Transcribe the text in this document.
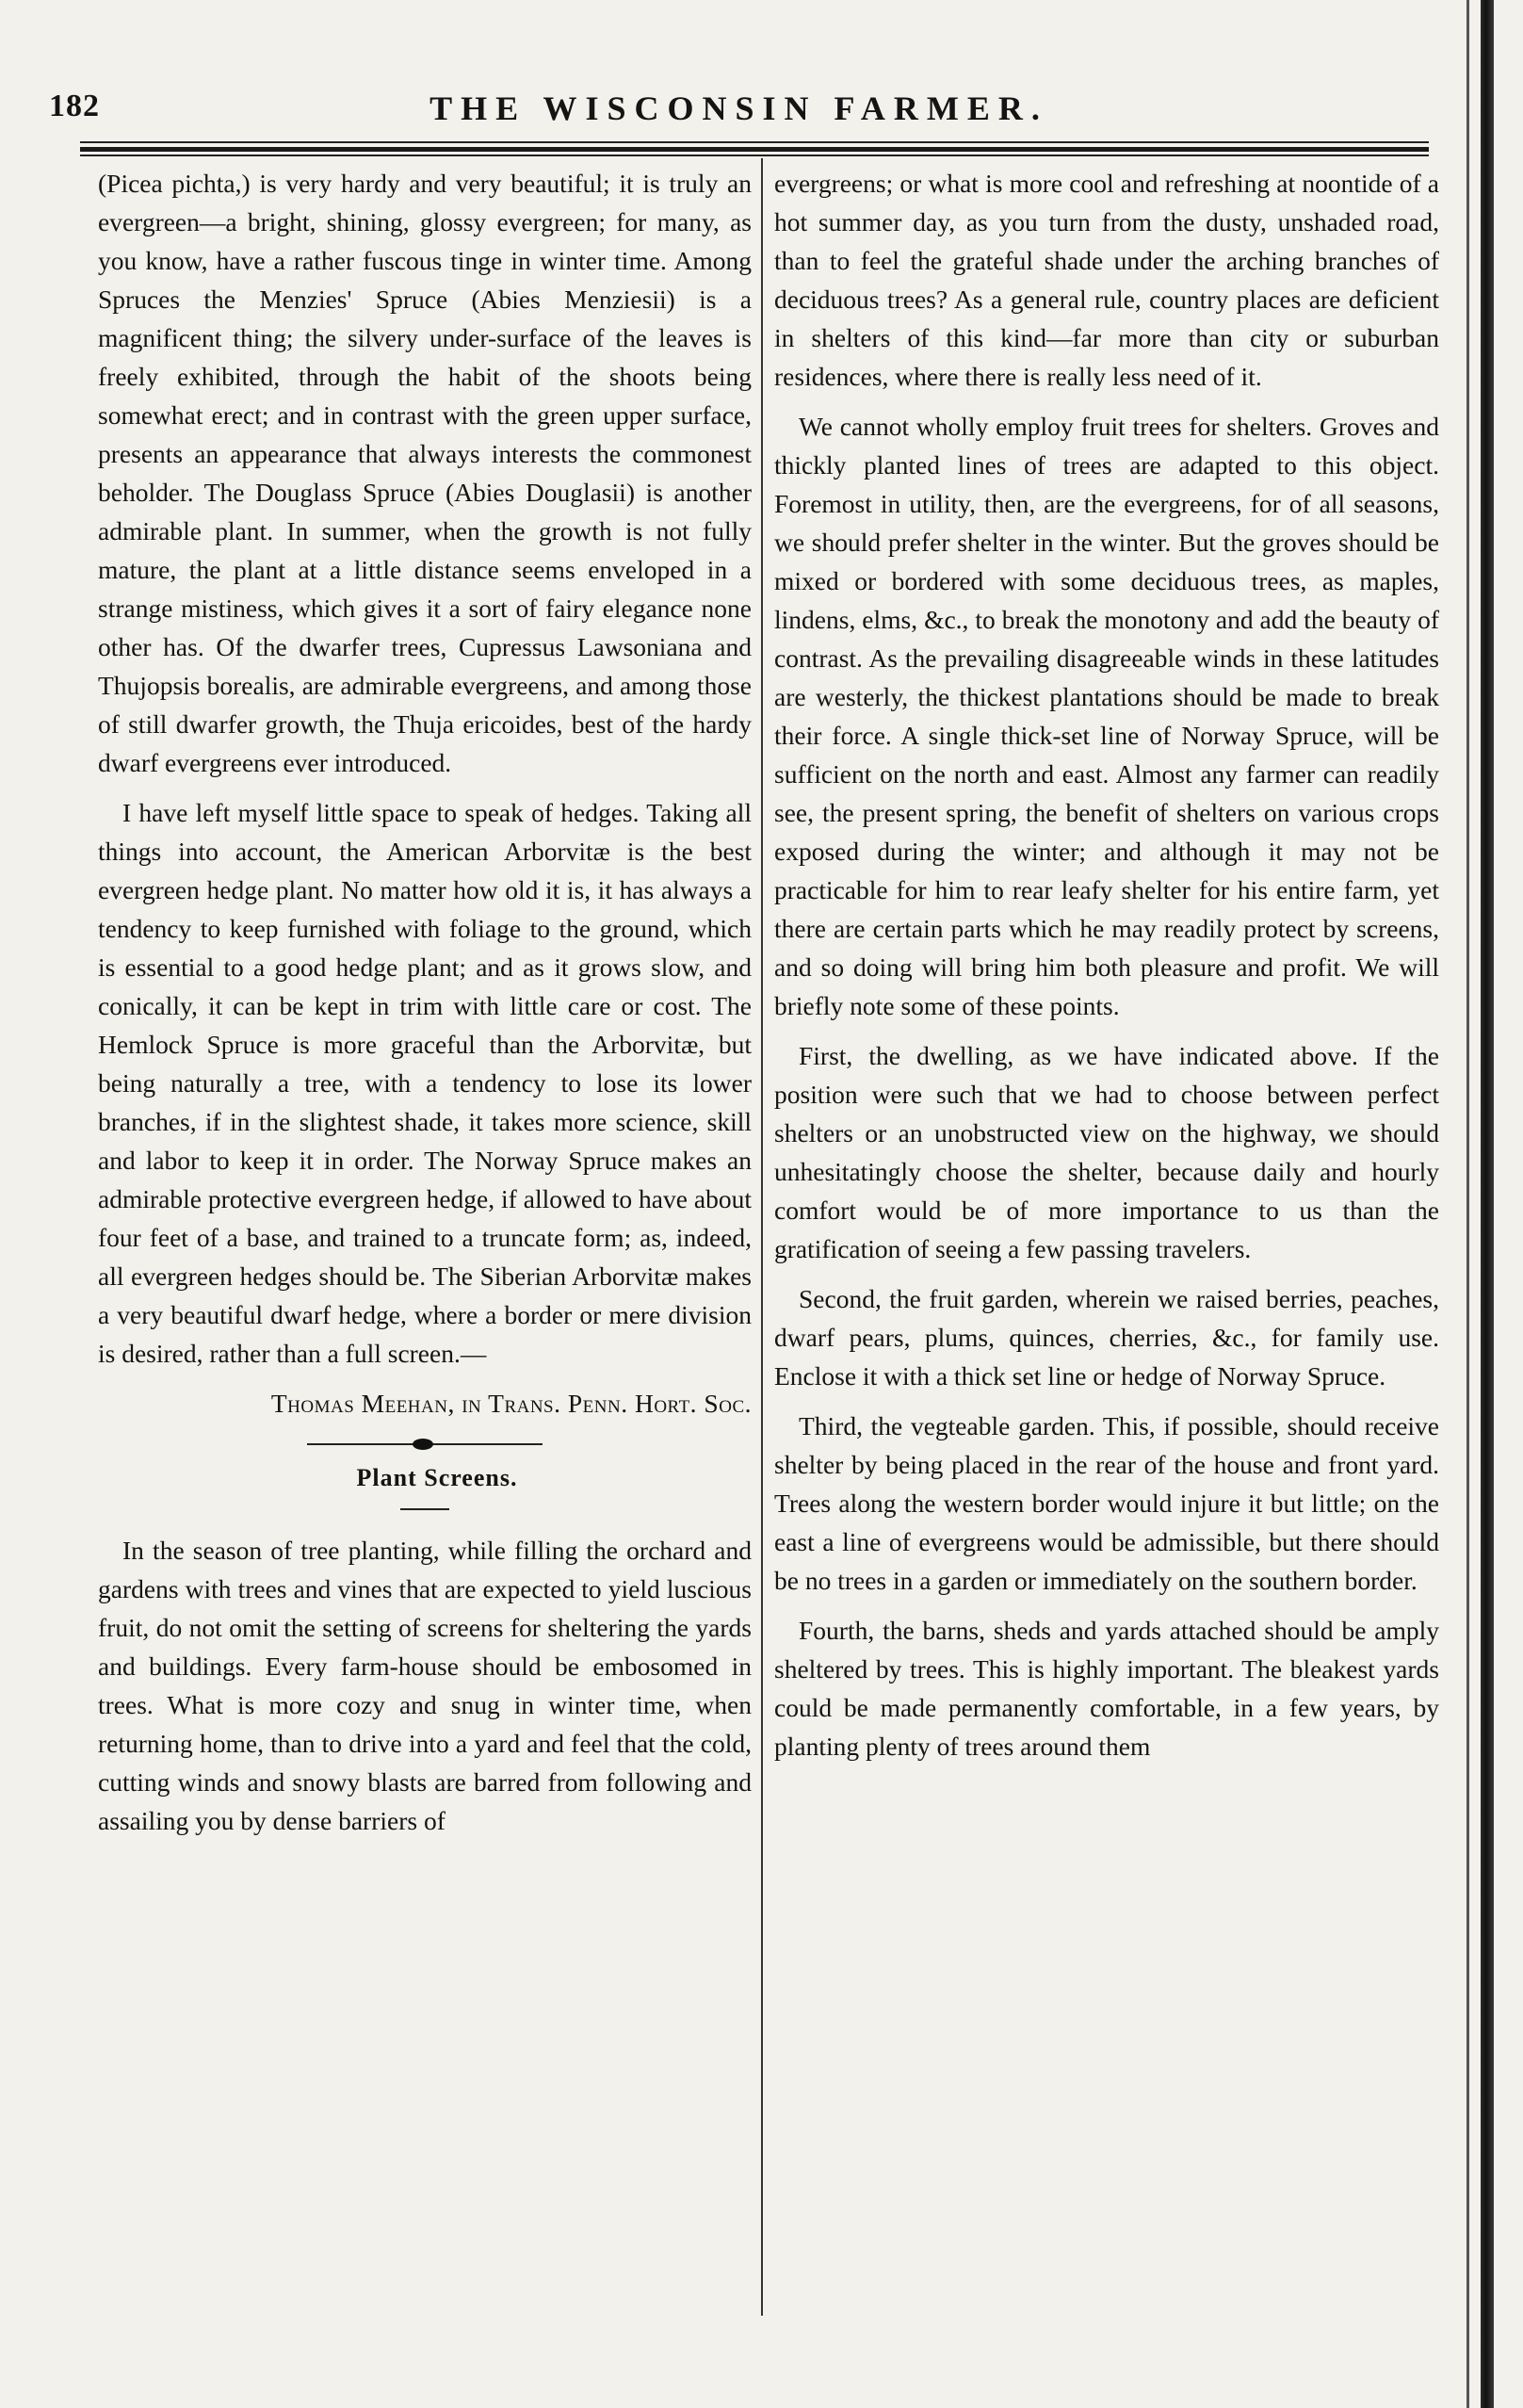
182	THE WISCONSIN FARMER.

(Picea pichta,) is very hardy and very beautiful; it is truly an evergreen—a bright, shining, glossy evergreen; for many, as you know, have a rather fuscous tinge in winter time. Among Spruces the Menzies' Spruce (Abies Menziesii) is a magnificent thing; the silvery under-surface of the leaves is freely exhibited, through the habit of the shoots being somewhat erect; and in contrast with the green upper surface, presents an appearance that always interests the commonest beholder. The Douglass Spruce (Abies Douglasii) is another admirable plant. In summer, when the growth is not fully mature, the plant at a little distance seems enveloped in a strange mistiness, which gives it a sort of fairy elegance none other has. Of the dwarfer trees, Cupressus Lawsoniana and Thujopsis borealis, are admirable evergreens, and among those of still dwarfer growth, the Thuja ericoides, best of the hardy dwarf evergreens ever introduced.

I have left myself little space to speak of hedges. Taking all things into account, the American Arborvitæ is the best evergreen hedge plant. No matter how old it is, it has always a tendency to keep furnished with foliage to the ground, which is essential to a good hedge plant; and as it grows slow, and conically, it can be kept in trim with little care or cost. The Hemlock Spruce is more graceful than the Arborvitæ, but being naturally a tree, with a tendency to lose its lower branches, if in the slightest shade, it takes more science, skill and labor to keep it in order. The Norway Spruce makes an admirable protective evergreen hedge, if allowed to have about four feet of a base, and trained to a truncate form; as, indeed, all evergreen hedges should be. The Siberian Arborvitæ makes a very beautiful dwarf hedge, where a border or mere division is desired, rather than a full screen.—

Thomas Meehan, in Trans. Penn. Hort. Soc.

Plant Screens.

In the season of tree planting, while filling the orchard and gardens with trees and vines that are expected to yield luscious fruit, do not omit the setting of screens for sheltering the yards and buildings. Every farm-house should be embosomed in trees. What is more cozy and snug in winter time, when returning home, than to drive into a yard and feel that the cold, cutting winds and snowy blasts are barred from following and assailing you by dense barriers of

evergreens; or what is more cool and refreshing at noontide of a hot summer day, as you turn from the dusty, unshaded road, than to feel the grateful shade under the arching branches of deciduous trees? As a general rule, country places are deficient in shelters of this kind—far more than city or suburban residences, where there is really less need of it.

We cannot wholly employ fruit trees for shelters. Groves and thickly planted lines of trees are adapted to this object. Foremost in utility, then, are the evergreens, for of all seasons, we should prefer shelter in the winter. But the groves should be mixed or bordered with some deciduous trees, as maples, lindens, elms, &c., to break the monotony and add the beauty of contrast. As the prevailing disagreeable winds in these latitudes are westerly, the thickest plantations should be made to break their force. A single thick-set line of Norway Spruce, will be sufficient on the north and east. Almost any farmer can readily see, the present spring, the benefit of shelters on various crops exposed during the winter; and although it may not be practicable for him to rear leafy shelter for his entire farm, yet there are certain parts which he may readily protect by screens, and so doing will bring him both pleasure and profit. We will briefly note some of these points.

First, the dwelling, as we have indicated above. If the position were such that we had to choose between perfect shelters or an unobstructed view on the highway, we should unhesitatingly choose the shelter, because daily and hourly comfort would be of more importance to us than the gratification of seeing a few passing travelers.

Second, the fruit garden, wherein we raised berries, peaches, dwarf pears, plums, quinces, cherries, &c., for family use. Enclose it with a thick set line or hedge of Norway Spruce.

Third, the vegteable garden. This, if possible, should receive shelter by being placed in the rear of the house and front yard. Trees along the western border would injure it but little; on the east a line of evergreens would be admissible, but there should be no trees in a garden or immediately on the southern border.

Fourth, the barns, sheds and yards attached should be amply sheltered by trees. This is highly important. The bleakest yards could be made permanently comfortable, in a few years, by planting plenty of trees around them
